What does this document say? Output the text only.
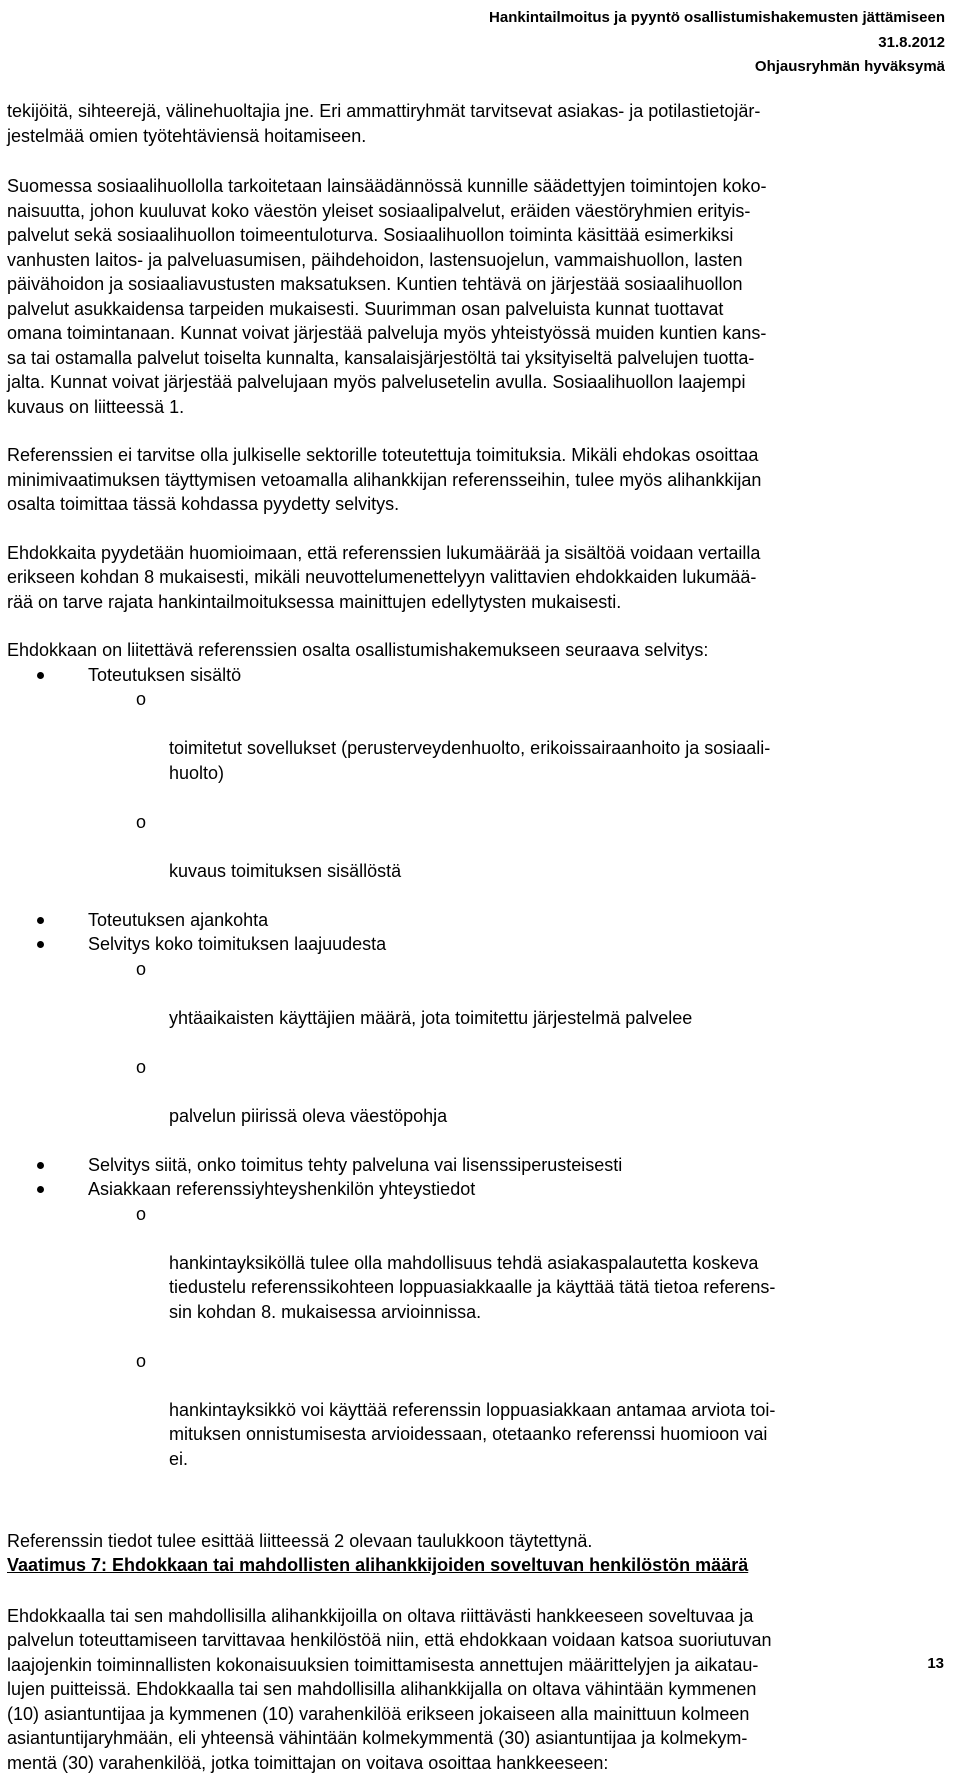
Hankintailmoitus ja pyyntö osallistumishakemusten jättämiseen
31.8.2012
Ohjausryhmän hyväksymä

tekijöitä, sihteerejä, välinehuoltajia jne. Eri ammattiryhmät tarvitsevat asiakas- ja potilastietojär-
jestelmää omien työtehtäviensä hoitamiseen.

Suomessa sosiaalihuollolla tarkoitetaan lainsäädännössä kunnille säädettyjen toimintojen koko-
naisuutta, johon kuuluvat koko väestön yleiset sosiaalipalvelut, eräiden väestöryhmien erityis-
palvelut sekä sosiaalihuollon toimeentuloturva. Sosiaalihuollon toiminta käsittää esimerkiksi
vanhusten laitos- ja palveluasumisen, päihdehoidon, lastensuojelun, vammaishuollon, lasten
päivähoidon ja sosiaaliavustusten maksatuksen. Kuntien tehtävä on järjestää sosiaalihuollon
palvelut asukkaidensa tarpeiden mukaisesti. Suurimman osan palveluista kunnat tuottavat
omana toimintanaan. Kunnat voivat järjestää palveluja myös yhteistyössä muiden kuntien kans-
sa tai ostamalla palvelut toiselta kunnalta, kansalaisjärjestöltä tai yksityiseltä palvelujen tuotta-
jalta. Kunnat voivat järjestää palvelujaan myös palvelusetelin avulla. Sosiaalihuollon laajempi
kuvaus on liitteessä 1.

Referenssien ei tarvitse olla julkiselle sektorille toteutettuja toimituksia. Mikäli ehdokas osoittaa
minimivaatimuksen täyttymisen vetoamalla alihankkijan referensseihin, tulee myös alihankkijan
osalta toimittaa tässä kohdassa pyydetty selvitys.

Ehdokkaita pyydetään huomioimaan, että referenssien lukumäärää ja sisältöä voidaan vertailla
erikseen kohdan 8 mukaisesti, mikäli neuvottelumenettelyyn valittavien ehdokkaiden lukumää-
rää on tarve rajata hankintailmoituksessa mainittujen edellytysten mukaisesti.

Ehdokkaan on liitettävä referenssien osalta osallistumishakemukseen seuraava selvitys:

Toteutuksen sisältö

o

toimitetut sovellukset (perusterveydenhuolto, erikoissairaanhoito ja sosiaali-
huolto)

o

kuvaus toimituksen sisällöstä

Toteutuksen ajankohta
Selvitys koko toimituksen laajuudesta

o

yhtäaikaisten käyttäjien määrä, jota toimitettu järjestelmä palvelee

o

palvelun piirissä oleva väestöpohja

Selvitys siitä, onko toimitus tehty palveluna vai lisenssiperusteisesti
Asiakkaan referenssiyhteyshenkilön yhteystiedot

o

hankintayksiköllä tulee olla mahdollisuus tehdä asiakaspalautetta koskeva
tiedustelu referenssikohteen loppuasiakkaalle ja käyttää tätä tietoa referens-
sin kohdan 8. mukaisessa arvioinnissa.

o

hankintayksikkö voi käyttää referenssin loppuasiakkaan antamaa arviota toi-
mituksen onnistumisesta arvioidessaan, otetaanko referenssi huomioon vai
ei.

Referenssin tiedot tulee esittää liitteessä 2 olevaan taulukkoon täytettynä.

Vaatimus 7: Ehdokkaan tai mahdollisten alihankkijoiden soveltuvan henkilöstön määrä

Ehdokkaalla tai sen mahdollisilla alihankkijoilla on oltava riittävästi hankkeeseen soveltuvaa ja
palvelun toteuttamiseen tarvittavaa henkilöstöä niin, että ehdokkaan voidaan katsoa suoriutuvan
laajojenkin toiminnallisten kokonaisuuksien toimittamisesta annettujen määrittelyjen ja aikatau-
lujen puitteissä. Ehdokkaalla tai sen mahdollisilla alihankkijalla on oltava vähintään kymmenen
(10) asiantuntijaa ja kymmenen (10) varahenkilöä erikseen jokaiseen alla mainittuun kolmeen
asiantuntijaryhmään, eli yhteensä vähintään kolmekymmentä (30) asiantuntijaa ja kolmekym-
mentä (30) varahenkilöä, jotka toimittajan on voitava osoittaa hankkeeseen:

13
